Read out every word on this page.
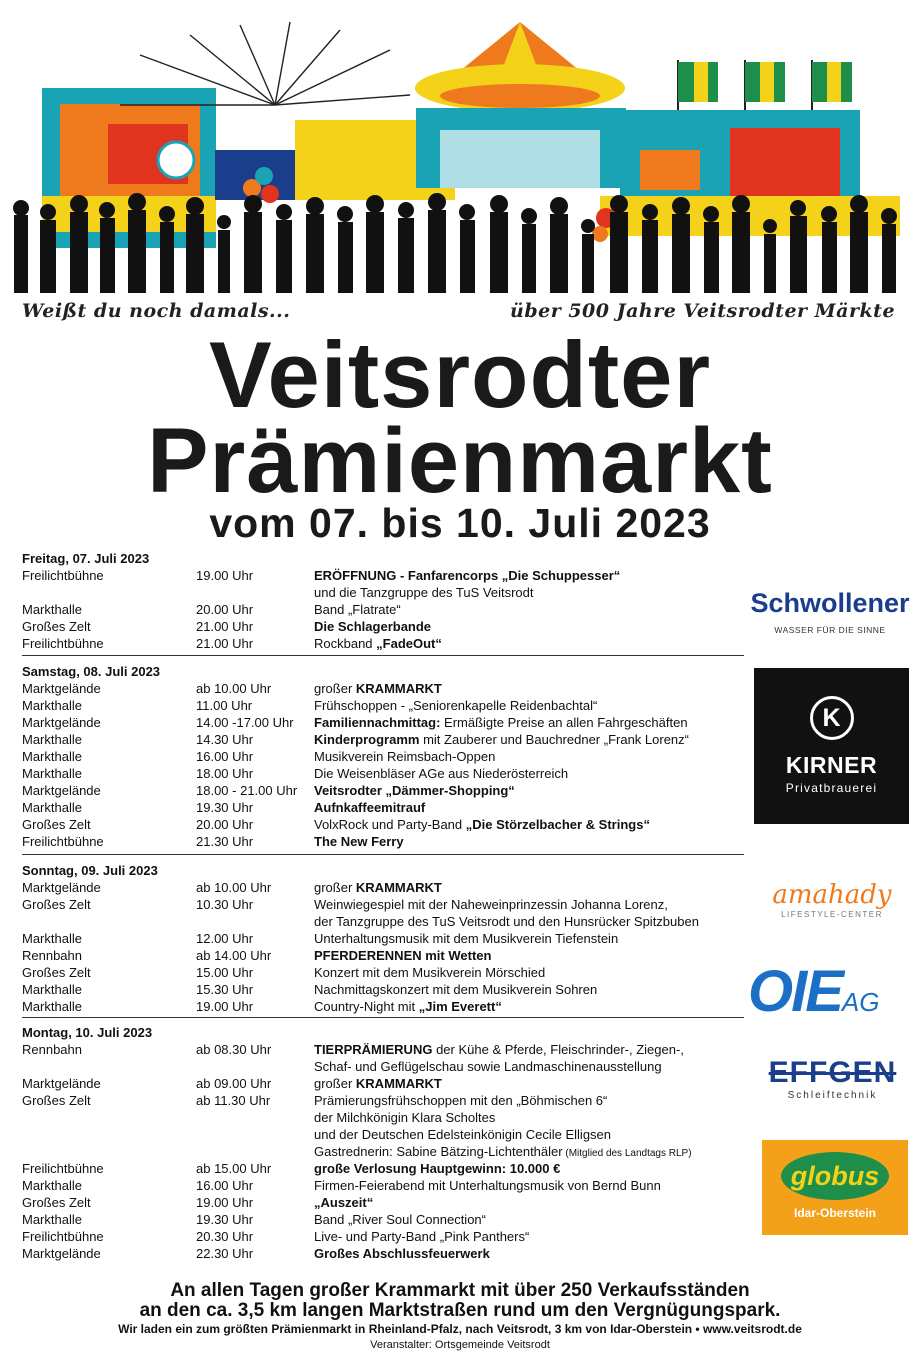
Weißt du noch damals...	über 500 Jahre Veitsrodter Märkte
Veitsrodter
Prämienmarkt
vom 07. bis 10. Juli 2023
Freitag, 07. Juli 2023
Freilichtbühne	19.00 Uhr	ERÖFFNUNG - Fanfarencorps „Die Schuppesser“
und die Tanzgruppe des TuS Veitsrodt
Markthalle	20.00 Uhr	Band „Flatrate“
Großes Zelt	21.00 Uhr	Die Schlagerbande
Freilichtbühne	21.00 Uhr	Rockband „FadeOut“
Samstag, 08. Juli 2023
Marktgelände	ab 10.00 Uhr	großer KRAMMARKT
Markthalle	11.00 Uhr	Frühschoppen - „Seniorenkapelle Reidenbachtal“
Marktgelände	14.00 -17.00 Uhr	Familiennachmittag: Ermäßigte Preise an allen Fahrgeschäften
Markthalle	14.30 Uhr	Kinderprogramm mit Zauberer und Bauchredner „Frank Lorenz“
Markthalle	16.00 Uhr	Musikverein Reimsbach-Oppen
Markthalle	18.00 Uhr	Die Weisenbläser AGe aus Niederösterreich
Marktgelände	18.00 - 21.00 Uhr	Veitsrodter „Dämmer-Shopping“
Markthalle	19.30 Uhr	Aufnkaffeemitrauf
Großes Zelt	20.00 Uhr	VolxRock und Party-Band „Die Störzelbacher & Strings“
Freilichtbühne	21.30 Uhr	The New Ferry
Sonntag, 09. Juli 2023
Marktgelände	ab 10.00 Uhr	großer KRAMMARKT
Großes Zelt	10.30 Uhr	Weinwiegespiel mit der Naheweinprinzessin Johanna Lorenz,
der Tanzgruppe des TuS Veitsrodt und den Hunsrücker Spitzbuben
Markthalle	12.00 Uhr	Unterhaltungsmusik mit dem Musikverein Tiefenstein
Rennbahn	ab 14.00 Uhr	PFERDERENNEN mit Wetten
Großes Zelt	15.00 Uhr	Konzert mit dem Musikverein Mörschied
Markthalle	15.30 Uhr	Nachmittagskonzert mit dem Musikverein Sohren
Markthalle	19.00 Uhr	Country-Night mit „Jim Everett“
Montag, 10. Juli 2023
Rennbahn	ab 08.30 Uhr	TIERPRÄMIERUNG der Kühe & Pferde, Fleischrinder-, Ziegen-,
Schaf- und Geflügelschau sowie Landmaschinenausstellung
Marktgelände	ab 09.00 Uhr	großer KRAMMARKT
Großes Zelt	ab 11.30 Uhr	Prämierungsfrühschoppen mit den „Böhmischen 6“
der Milchkönigin Klara Scholtes
und der Deutschen Edelsteinkönigin Cecile Elligsen
Gastrednerin: Sabine Bätzing-Lichtenthäler (Mitglied des Landtags RLP)
Freilichtbühne	ab 15.00 Uhr	große Verlosung Hauptgewinn: 10.000 €
Markthalle	16.00 Uhr	Firmen-Feierabend mit Unterhaltungsmusik von Bernd Bunn
Großes Zelt	19.00 Uhr	„Auszeit“
Markthalle	19.30 Uhr	Band „River Soul Connection“
Freilichtbühne	20.30 Uhr	Live- und Party-Band „Pink Panthers“
Marktgelände	22.30 Uhr	Großes Abschlussfeuerwerk
Schwollener
WASSER FÜR DIE SINNE
K
KIRNER
Privatbrauerei
amahady
LIFESTYLE-CENTER
OIEAG
EFFGEN
Schleiftechnik
globus
Idar-Oberstein
An allen Tagen großer Krammarkt mit über 250 Verkaufsständen
an den ca. 3,5 km langen Marktstraßen rund um den Vergnügungspark.
Wir laden ein zum größten Prämienmarkt in Rheinland-Pfalz, nach Veitsrodt, 3 km von Idar-Oberstein • www.veitsrodt.de
Veranstalter: Ortsgemeinde Veitsrodt
